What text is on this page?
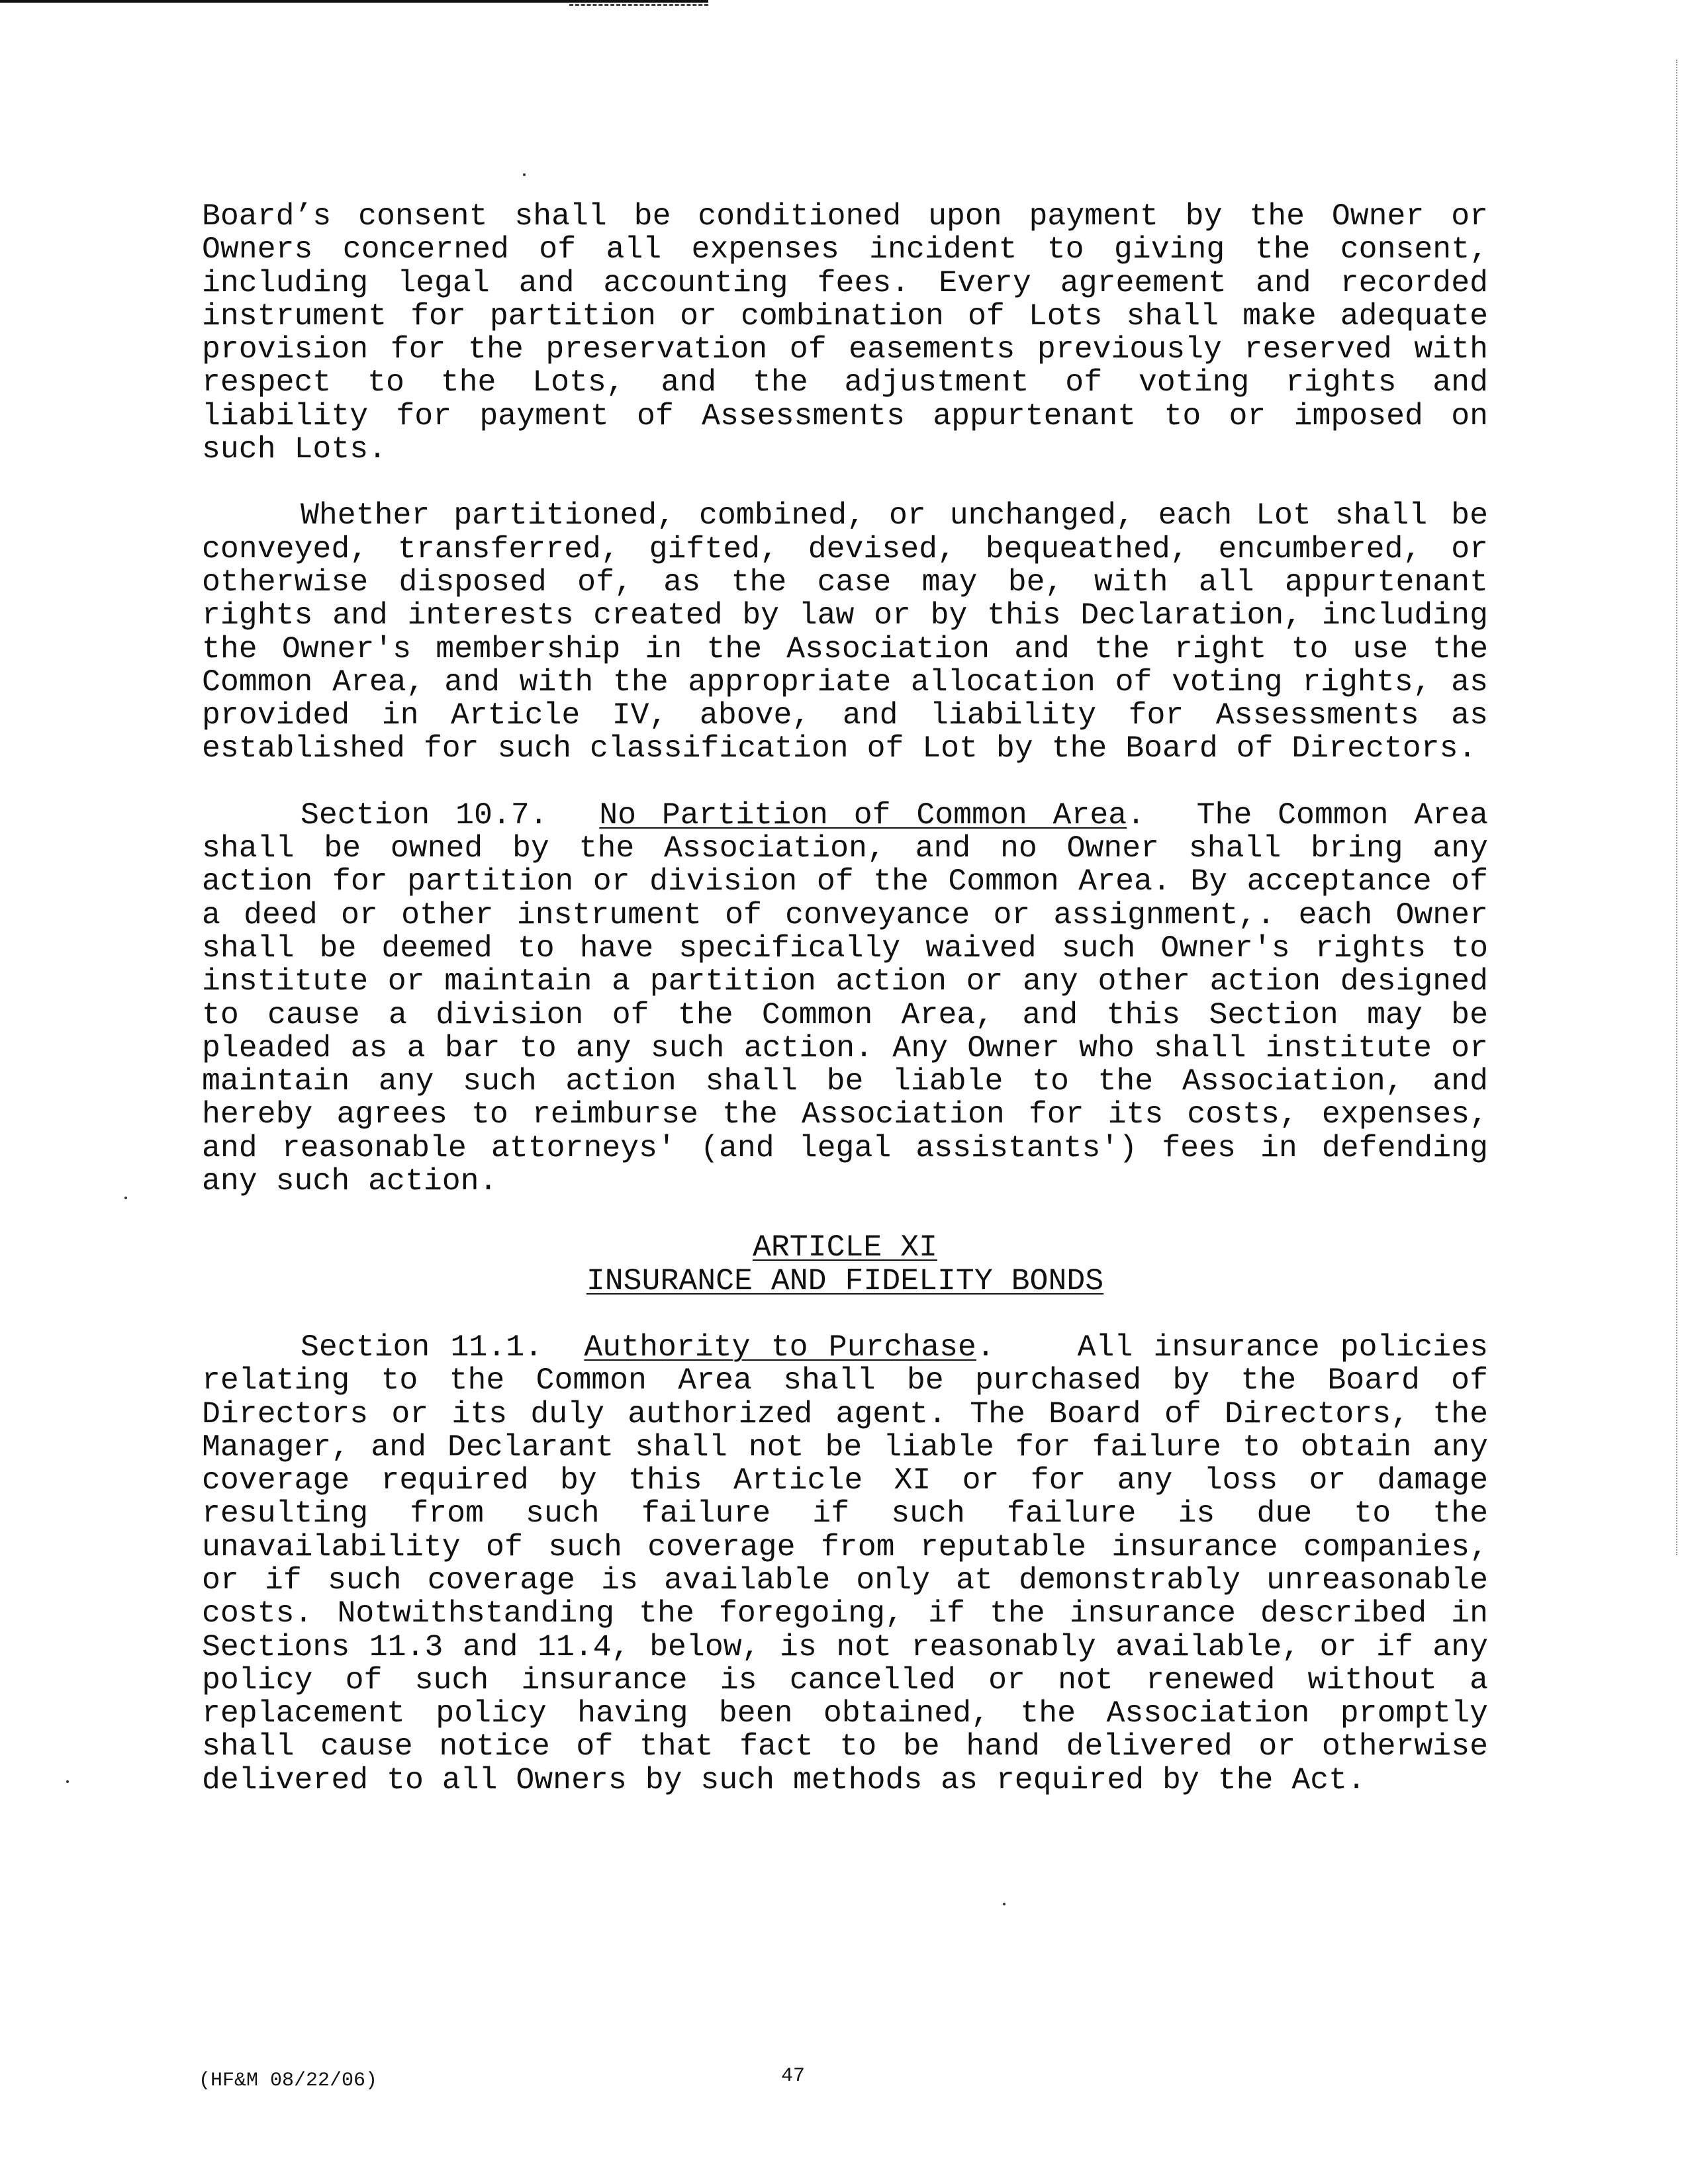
Board’s consent shall be conditioned upon payment by the Owner or Owners concerned of all expenses incident to giving the consent, including legal and accounting fees. Every agreement and recorded instrument for partition or combination of Lots shall make adequate provision for the preservation of easements previously reserved with respect to the Lots, and the adjustment of voting rights and liability for payment of Assessments appurtenant to or imposed on such Lots.

Whether partitioned, combined, or unchanged, each Lot shall be conveyed, transferred, gifted, devised, bequeathed, encumbered, or otherwise disposed of, as the case may be, with all appurtenant rights and interests created by law or by this Declaration, including the Owner's membership in the Association and the right to use the Common Area, and with the appropriate allocation of voting rights, as provided in Article IV, above, and liability for Assessments as established for such classification of Lot by the Board of Directors.

Section 10.7. No Partition of Common Area. The Common Area shall be owned by the Association, and no Owner shall bring any action for partition or division of the Common Area. By acceptance of a deed or other instrument of conveyance or assignment,. each Owner shall be deemed to have specifically waived such Owner's rights to institute or maintain a partition action or any other action designed to cause a division of the Common Area, and this Section may be pleaded as a bar to any such action. Any Owner who shall institute or maintain any such action shall be liable to the Association, and hereby agrees to reimburse the Association for its costs, expenses, and reasonable attorneys' (and legal assistants') fees in defending any such action.

ARTICLE XI
INSURANCE AND FIDELITY BONDS

Section 11.1. Authority to Purchase.	All insurance policies relating to the Common Area shall be purchased by the Board of Directors or its duly authorized agent. The Board of Directors, the Manager, and Declarant shall not be liable for failure to obtain any coverage required by this Article XI or for any loss or damage resulting from such failure if such failure is due to the unavailability of such coverage from reputable insurance companies, or if such coverage is available only at demonstrably unreasonable costs. Notwithstanding the foregoing, if the insurance described in Sections 11.3 and 11.4, below, is not reasonably available, or if any policy of such insurance is cancelled or not renewed without a replacement policy having been obtained, the Association promptly shall cause notice of that fact to be hand delivered or otherwise delivered to all Owners by such methods as required by the Act.

(HF&M 08/22/06)	47
